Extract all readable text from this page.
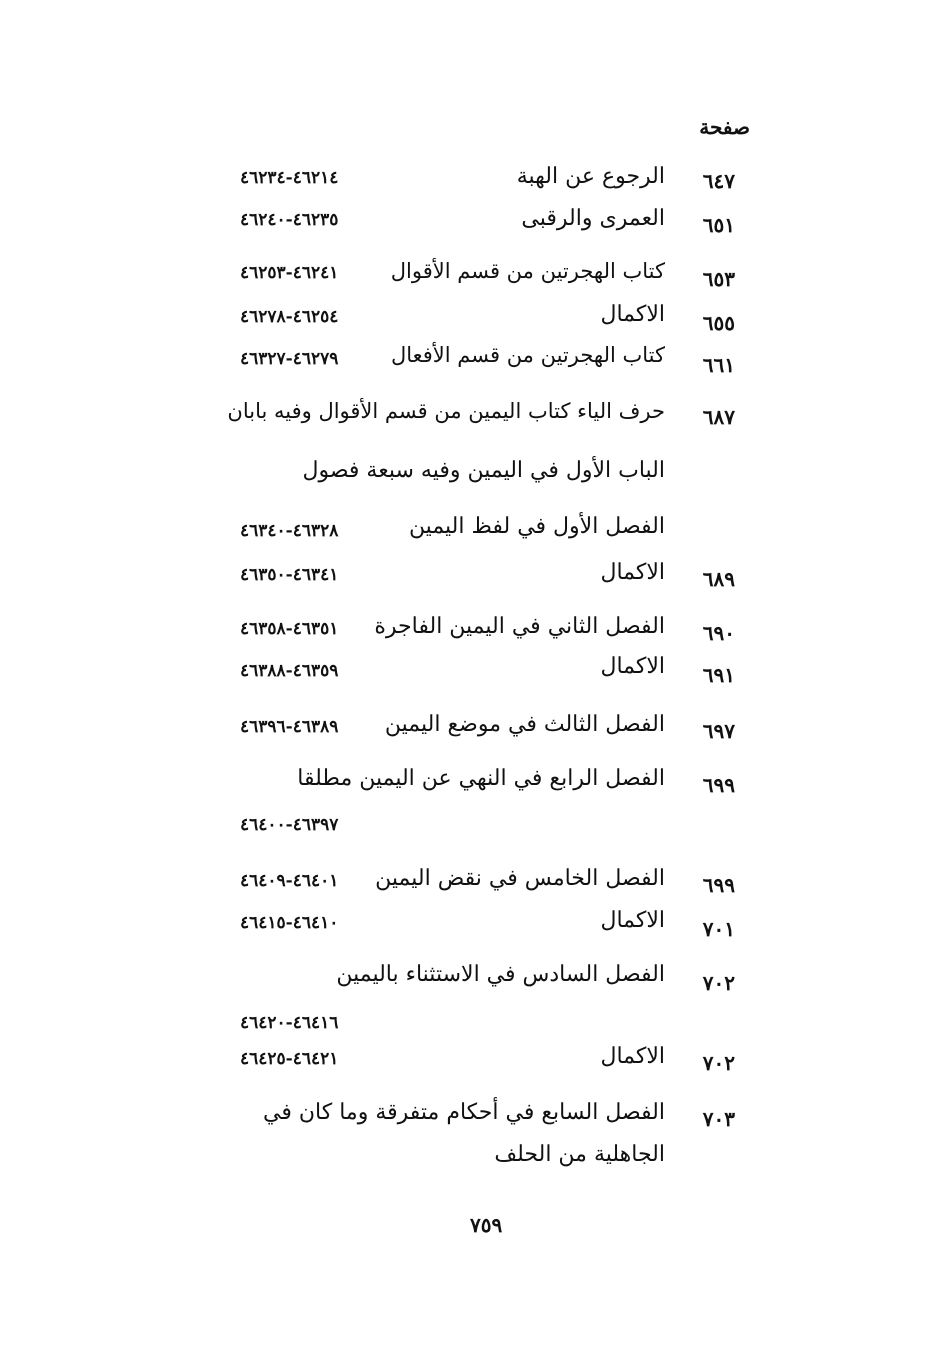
صفحة
٦٤٧
الرجوع عن الهبة
٤٦٢١٤-٤٦٢٣٤
٦٥١
العمرى والرقبى
٤٦٢٣٥-٤٦٢٤٠
٦٥٣
كتاب الهجرتين من قسم الأقوال
٤٦٢٤١-٤٦٢٥٣
٦٥٥
الاكمال
٤٦٢٥٤-٤٦٢٧٨
٦٦١
كتاب الهجرتين من قسم الأفعال
٤٦٢٧٩-٤٦٣٢٧
٦٨٧
حرف الياء كتاب اليمين من قسم الأقوال وفيه بابان
الباب الأول في اليمين وفيه سبعة فصول
الفصل الأول في لفظ اليمين
٤٦٣٢٨-٤٦٣٤٠
٦٨٩
الاكمال
٤٦٣٤١-٤٦٣٥٠
٦٩٠
الفصل الثاني في اليمين الفاجرة
٤٦٣٥١-٤٦٣٥٨
٦٩١
الاكمال
٤٦٣٥٩-٤٦٣٨٨
٦٩٧
الفصل الثالث في موضع اليمين
٤٦٣٨٩-٤٦٣٩٦
٦٩٩
الفصل الرابع في النهي عن اليمين مطلقا
٤٦٣٩٧-٤٦٤٠٠
٦٩٩
الفصل الخامس في نقض اليمين
٤٦٤٠١-٤٦٤٠٩
٧٠١
الاكمال
٤٦٤١٠-٤٦٤١٥
٧٠٢
الفصل السادس في الاستثناء باليمين
٤٦٤١٦-٤٦٤٢٠
٧٠٢
الاكمال
٤٦٤٢١-٤٦٤٢٥
٧٠٣
الفصل السابع في أحكام متفرقة وما كان في
الجاهلية من الحلف
٧٥٩
